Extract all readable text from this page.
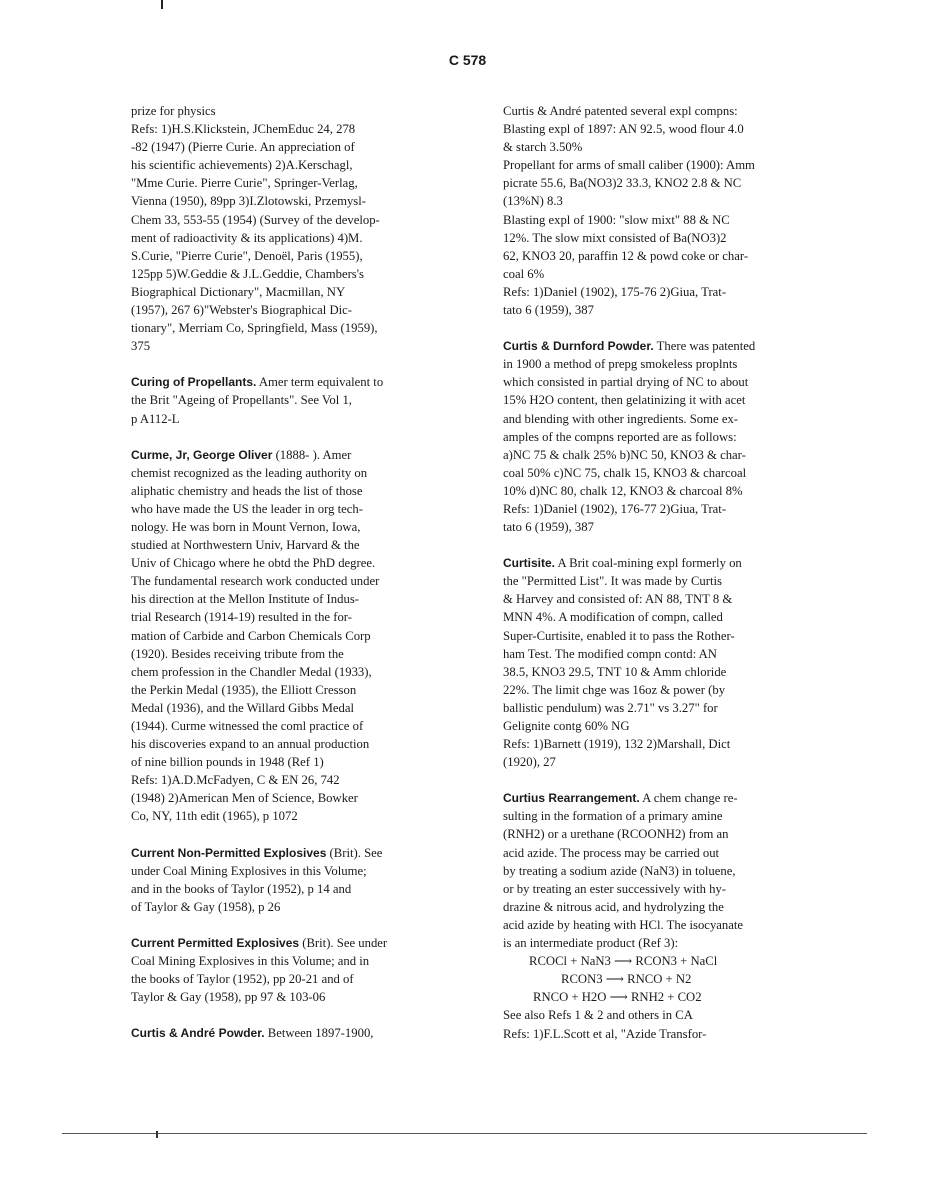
C 578
prize for physics
Refs: 1)H.S.Klickstein, JChemEduc 24, 278
-82 (1947) (Pierre Curie. An appreciation of
his scientific achievements) 2)A.Kerschagl,
"Mme Curie. Pierre Curie", Springer-Verlag,
Vienna (1950), 89pp 3)I.Zlotowski, Przemysl-
Chem 33, 553-55 (1954) (Survey of the develop-
ment of radioactivity & its applications) 4)M.
S.Curie, "Pierre Curie", Denoël, Paris (1955),
125pp 5)W.Geddie & J.L.Geddie, Chambers's
Biographical Dictionary", Macmillan, NY
(1957), 267 6)"Webster's Biographical Dic-
tionary", Merriam Co, Springfield, Mass (1959),
375
Curing of Propellants. Amer term equivalent to
the Brit "Ageing of Propellants". See Vol 1,
p A112-L
Curme, Jr, George Oliver (1888- ). Amer
chemist recognized as the leading authority on
aliphatic chemistry and heads the list of those
who have made the US the leader in org tech-
nology. He was born in Mount Vernon, Iowa,
studied at Northwestern Univ, Harvard & the
Univ of Chicago where he obtd the PhD degree.
The fundamental research work conducted under
his direction at the Mellon Institute of Indus-
trial Research (1914-19) resulted in the for-
mation of Carbide and Carbon Chemicals Corp
(1920). Besides receiving tribute from the
chem profession in the Chandler Medal (1933),
the Perkin Medal (1935), the Elliott Cresson
Medal (1936), and the Willard Gibbs Medal
(1944). Curme witnessed the coml practice of
his discoveries expand to an annual production
of nine billion pounds in 1948 (Ref 1)
Refs: 1)A.D.McFadyen, C & EN 26, 742
(1948) 2)American Men of Science, Bowker
Co, NY, 11th edit (1965), p 1072
Current Non-Permitted Explosives (Brit). See
under Coal Mining Explosives in this Volume;
and in the books of Taylor (1952), p 14 and
of Taylor & Gay (1958), p 26
Current Permitted Explosives (Brit). See under
Coal Mining Explosives in this Volume; and in
the books of Taylor (1952), pp 20-21 and of
Taylor & Gay (1958), pp 97 & 103-06
Curtis & André Powder. Between 1897-1900,
Curtis & André patented several expl compns:
Blasting expl of 1897: AN 92.5, wood flour 4.0
& starch 3.50%
Propellant for arms of small caliber (1900): Amm
picrate 55.6, Ba(NO3)2 33.3, KNO2 2.8 & NC
(13%N) 8.3
Blasting expl of 1900: "slow mixt" 88 & NC
12%. The slow mixt consisted of Ba(NO3)2
62, KNO3 20, paraffin 12 & powd coke or char-
coal 6%
Refs: 1)Daniel (1902), 175-76 2)Giua, Trat-
tato 6 (1959), 387
Curtis & Durnford Powder. There was patented
in 1900 a method of prepg smokeless proplnts
which consisted in partial drying of NC to about
15% H2O content, then gelatinizing it with acet
and blending with other ingredients. Some ex-
amples of the compns reported are as follows:
a)NC 75 & chalk 25% b)NC 50, KNO3 & char-
coal 50% c)NC 75, chalk 15, KNO3 & charcoal
10% d)NC 80, chalk 12, KNO3 & charcoal 8%
Refs: 1)Daniel (1902), 176-77 2)Giua, Trat-
tato 6 (1959), 387
Curtisite. A Brit coal-mining expl formerly on
the "Permitted List". It was made by Curtis
& Harvey and consisted of: AN 88, TNT 8 &
MNN 4%. A modification of compn, called
Super-Curtisite, enabled it to pass the Rother-
ham Test. The modified compn contd: AN
38.5, KNO3 29.5, TNT 10 & Amm chloride
22%. The limit chge was 16oz & power (by
ballistic pendulum) was 2.71" vs 3.27" for
Gelignite contg 60% NG
Refs: 1)Barnett (1919), 132 2)Marshall, Dict
(1920), 27
Curtius Rearrangement. A chem change re-
sulting in the formation of a primary amine
(RNH2) or a urethane (RCOONH2) from an
acid azide. The process may be carried out
by treating a sodium azide (NaN3) in toluene,
or by treating an ester successively with hy-
drazine & nitrous acid, and hydrolyzing the
acid azide by heating with HCl. The isocyanate
is an intermediate product (Ref 3):
RCOCl + NaN3 ⟶ RCON3 + NaCl
RCON3 ⟶ RNCO + N2
RNCO + H2O ⟶ RNH2 + CO2
See also Refs 1 & 2 and others in CA
Refs: 1)F.L.Scott et al, "Azide Transfor-
